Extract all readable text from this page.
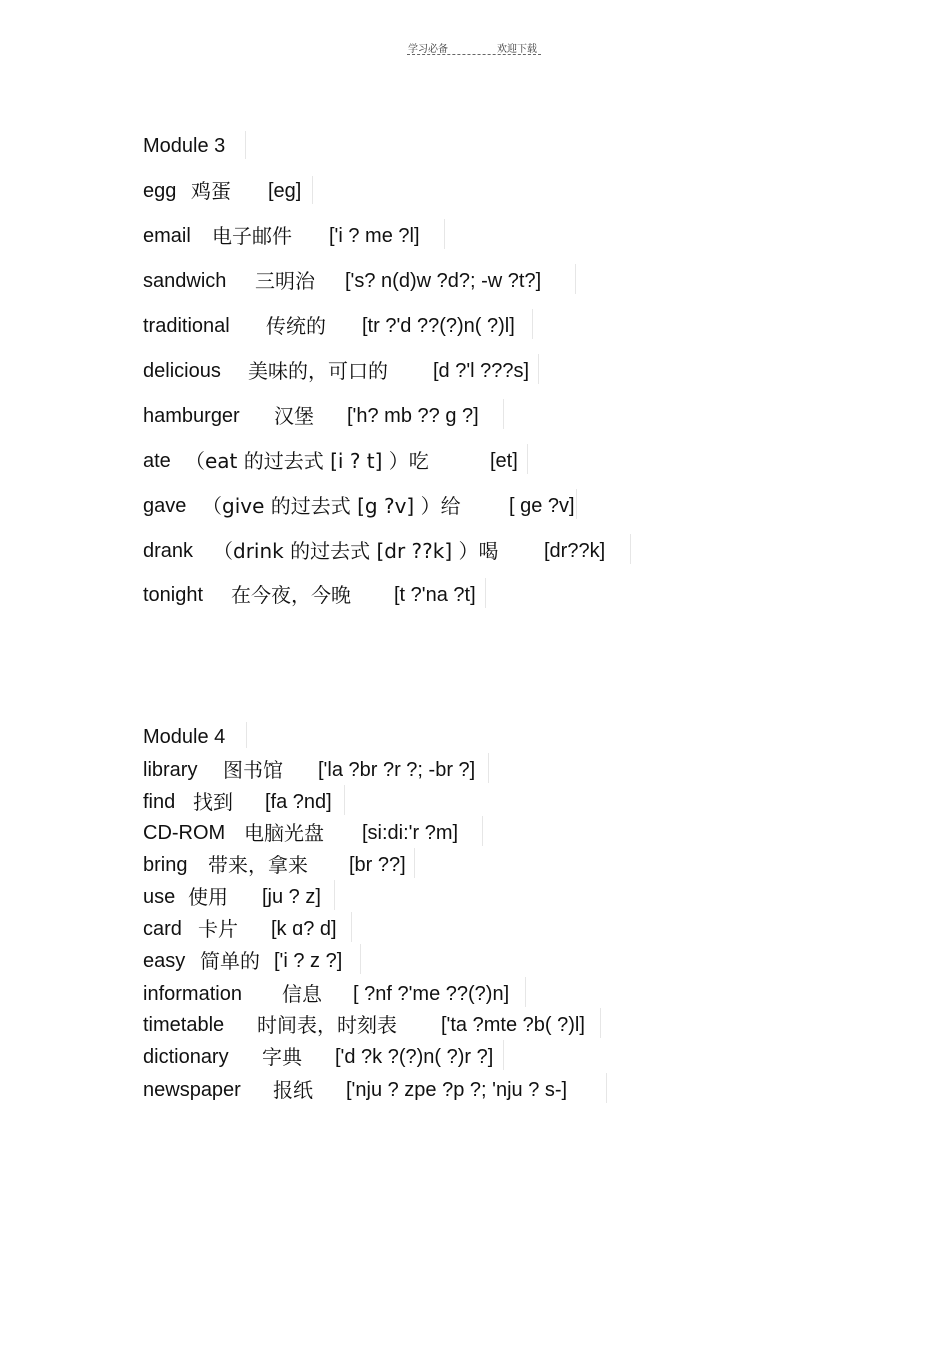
学习必备	欢迎下载
Module 3
egg 鸡蛋 [eg]
email 电子邮件 ['i ? me ?l]
sandwich 三明治 ['s? n(d)w ?d?; -w ?t?]
traditional 传统的 [tr ?'d ??(?)n( ?)l]
delicious 美味的，可口的 [d ?'l ???s]
hamburger 汉堡 ['h? mb ?? g ?]
ate （eat 的过去式 [i ? t] ）吃	[et]
gave （give 的过去式 [g ?v] ）给 [ ɡe ?v]
drank （drink 的过去式 [dr ??k] ）喝 [dr??k]
tonight 在今夜，今晚 [t ?'na ?t]
Module 4
library 图书馆 ['la ?br ?r ?; -br ?]
find 找到 [fa ?nd]
CD-ROM 电脑光盘 [si:di:'r ?m]
bring 带来，拿来 [br ??]
use 使用 [ju ? z]
card 卡片 [k ɑ? d]
easy 简单的 ['i ? z ?]
information 信息 [ ?nf ?'me ??(?)n]
timetable 时间表，时刻表 ['ta ?mte ?b( ?)l]
dictionary 字典 ['d ?k ?(?)n( ?)r ?]
newspaper 报纸 ['nju ? zpe ?p ?; 'nju ? s-]
